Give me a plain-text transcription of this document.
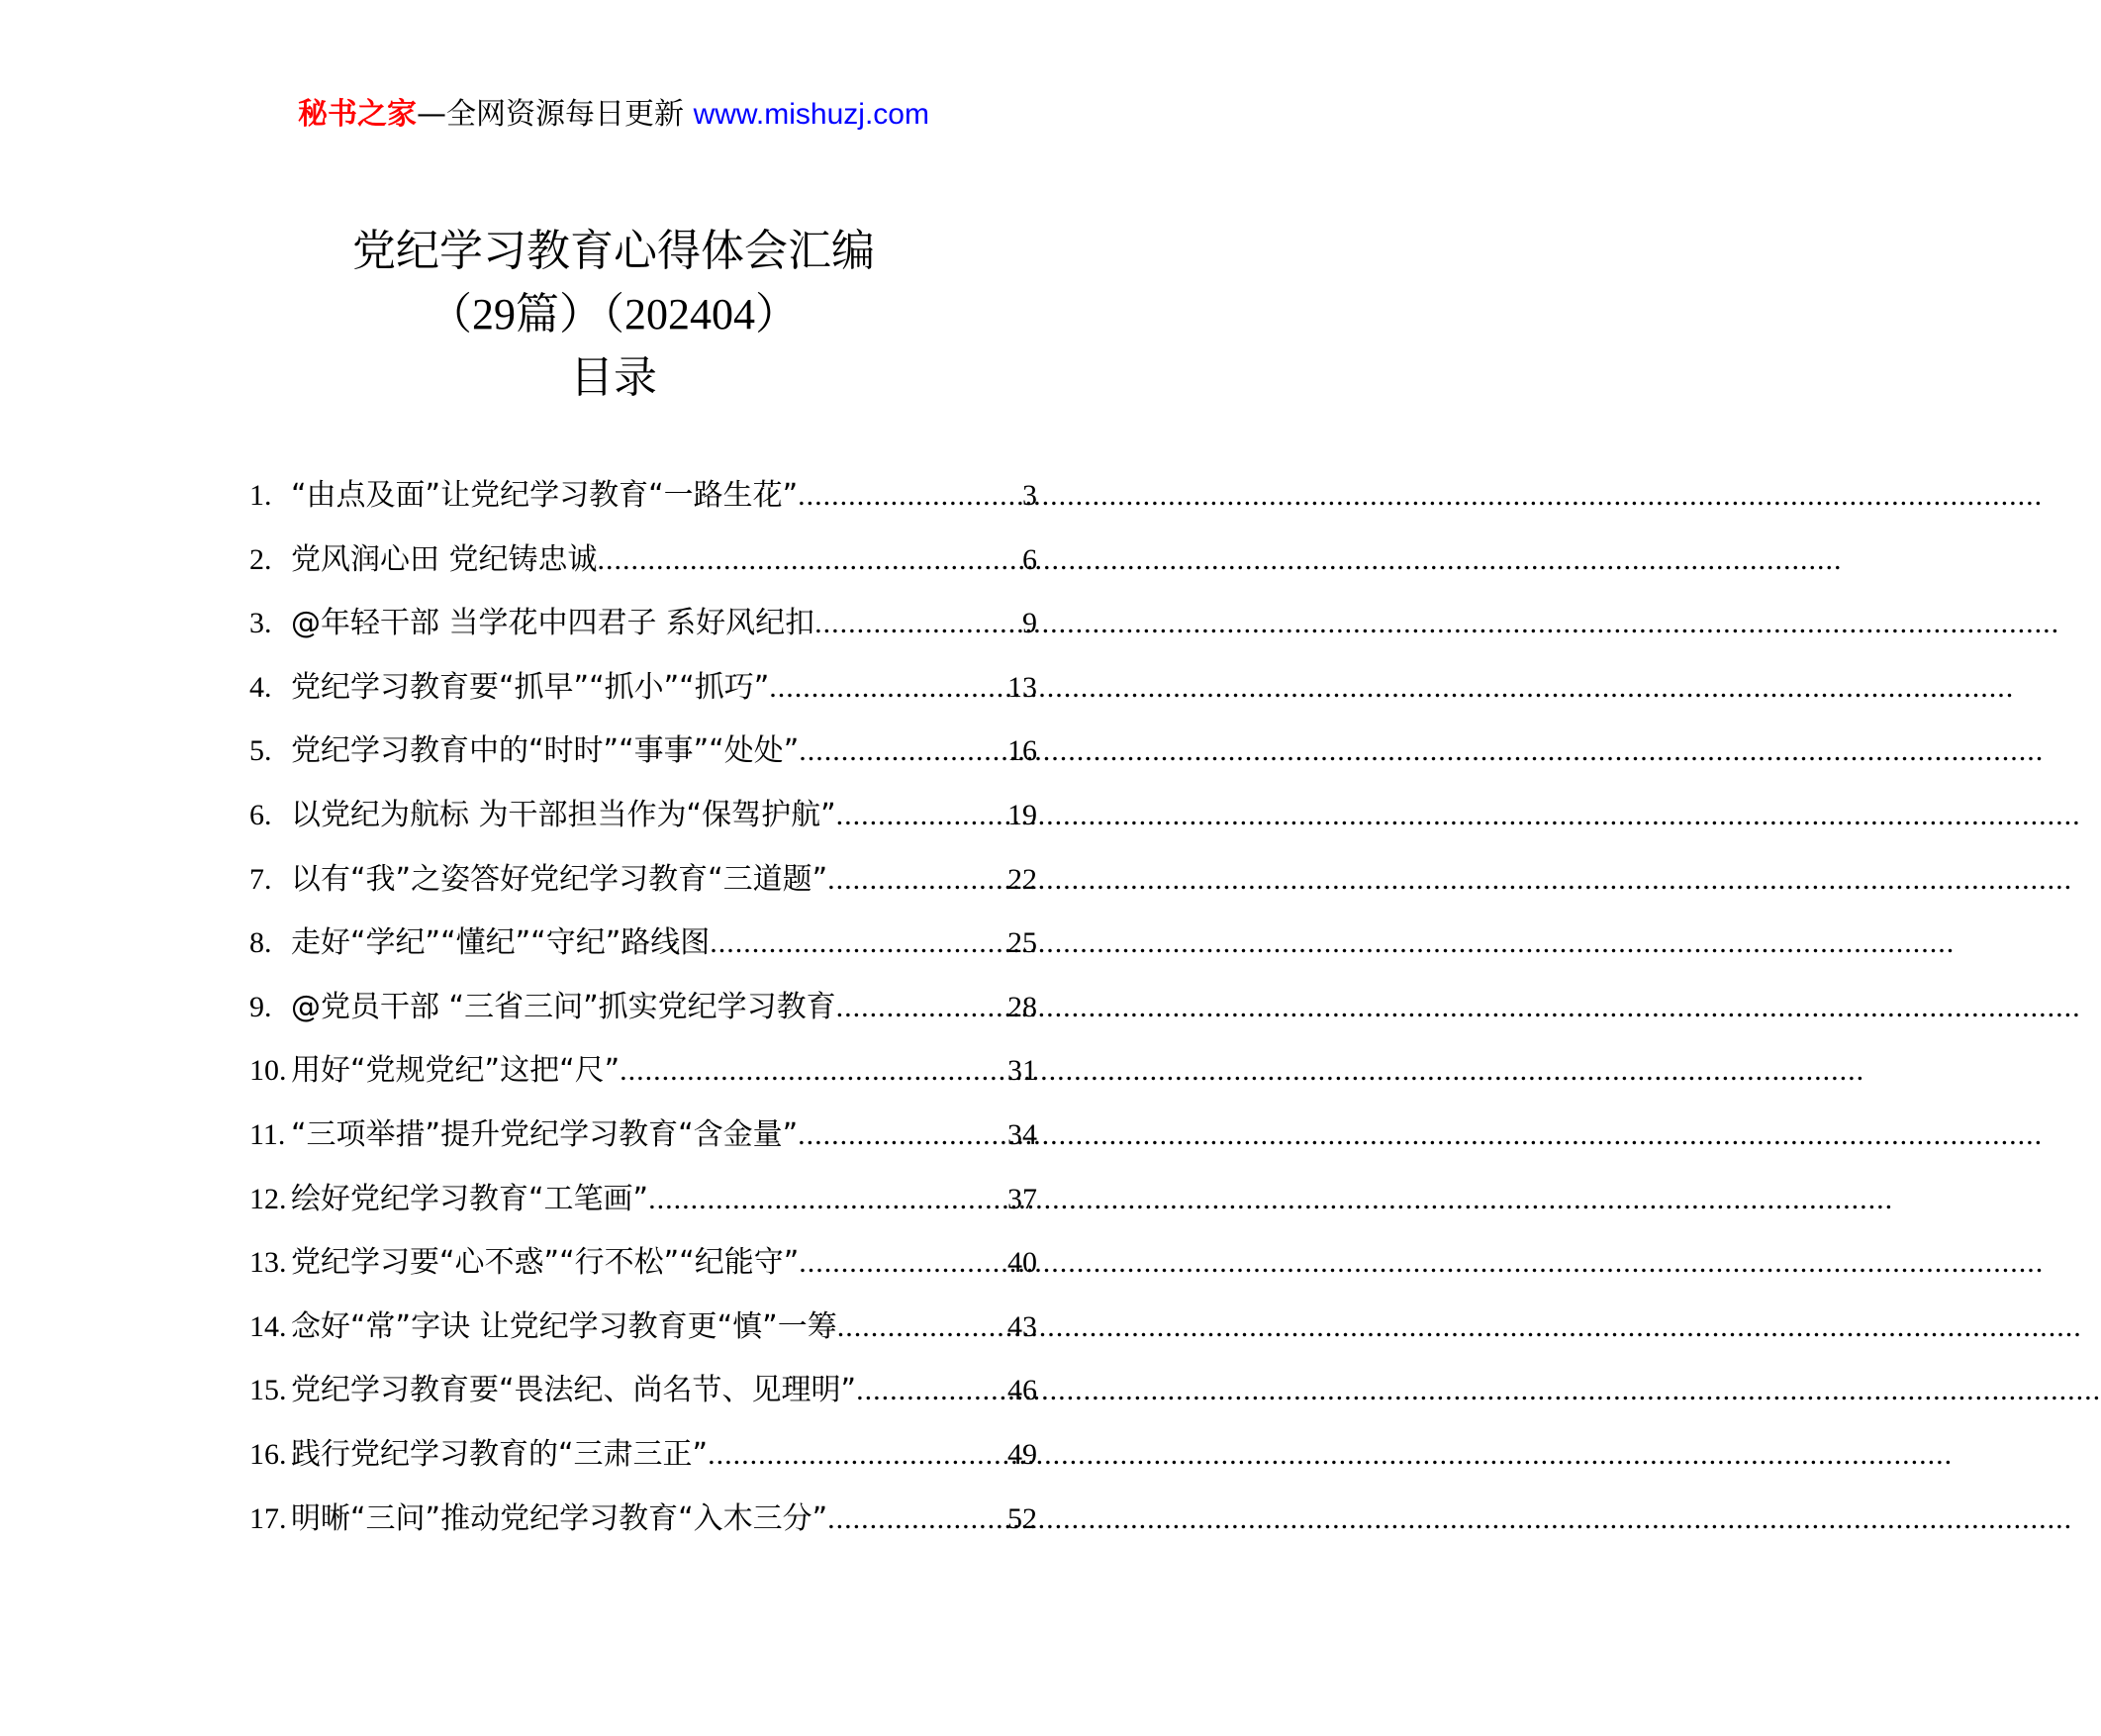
秘书之家—全网资源每日更新 www.mishuzj.com
党纪学习教育心得体会汇编
（29篇）（202404）
目录
1. “由点及面”让党纪学习教育“一路生花” .....	3
2. 党风润心田 党纪铸忠诚 .....	6
3. @年轻干部 当学花中四君子 系好风纪扣 .....	9
4. 党纪学习教育要“抓早”“抓小”“抓巧” .....	13
5. 党纪学习教育中的“时时”“事事”“处处” .....	16
6. 以党纪为航标 为干部担当作为“保驾护航” .....	19
7. 以有“我”之姿答好党纪学习教育“三道题” .....	22
8. 走好“学纪”“懂纪”“守纪”路线图 .....	25
9. @党员干部 “三省三问”抓实党纪学习教育 .....	28
10. 用好“党规党纪”这把“尺” .....	31
11. “三项举措”提升党纪学习教育“含金量” .....	34
12. 绘好党纪学习教育“工笔画” .....	37
13. 党纪学习要“心不惑”“行不松”“纪能守” .....	40
14. 念好“常”字诀 让党纪学习教育更“慎”一筹 .....	43
15. 党纪学习教育要“畏法纪、尚名节、见理明” .....	46
16. 践行党纪学习教育的“三肃三正” .....	49
17. 明晰“三问”推动党纪学习教育“入木三分” .....	52
